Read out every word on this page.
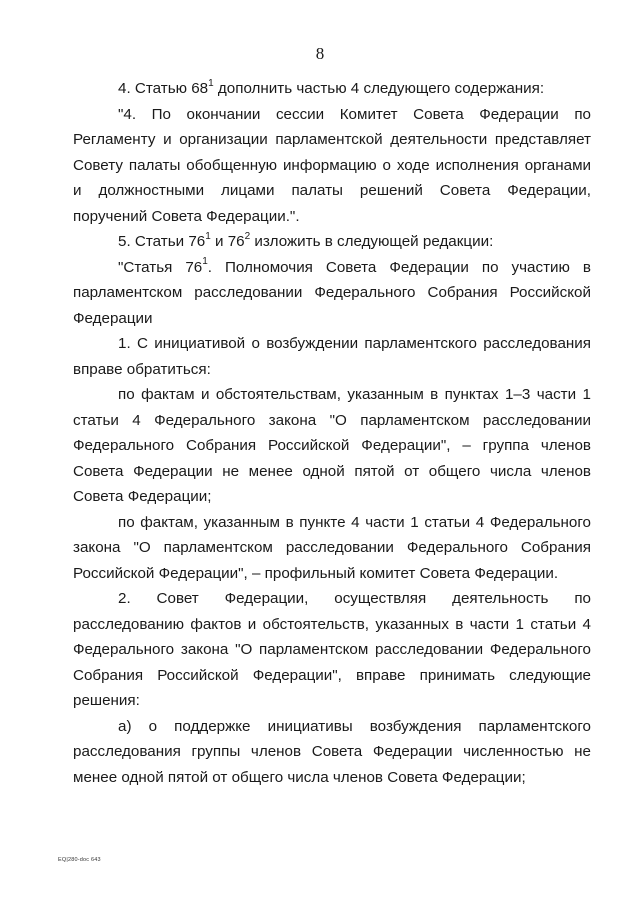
8

4. Статью $68^1$ дополнить частью 4 следующего содержания:

"4. По окончании сессии Комитет Совета Федерации по Регламенту и организации парламентской деятельности представляет Совету палаты обобщенную информацию о ходе исполнения органами и должностными лицами палаты решений Совета Федерации, поручений Совета Федерации.".

5. Статьи $76^1$ и $76^2$ изложить в следующей редакции:

"Статья $76^1$. Полномочия Совета Федерации по участию в парламентском расследовании Федерального Собрания Российской Федерации

1. С инициативой о возбуждении парламентского расследования вправе обратиться:

по фактам и обстоятельствам, указанным в пунктах 1–3 части 1 статьи 4 Федерального закона "О парламентском расследовании Федерального Собрания Российской Федерации", – группа членов Совета Федерации не менее одной пятой от общего числа членов Совета Федерации;

по фактам, указанным в пункте 4 части 1 статьи 4 Федерального закона "О парламентском расследовании Федерального Собрания Российской Федерации", – профильный комитет Совета Федерации.

2. Совет Федерации, осуществляя деятельность по расследованию фактов и обстоятельств, указанных в части 1 статьи 4 Федерального закона "О парламентском расследовании Федерального Собрания Российской Федерации", вправе принимать следующие решения:

а) о поддержке инициативы возбуждения парламентского расследования группы членов Совета Федерации численностью не менее одной пятой от общего числа членов Совета Федерации;

EQ|280-doc 643
